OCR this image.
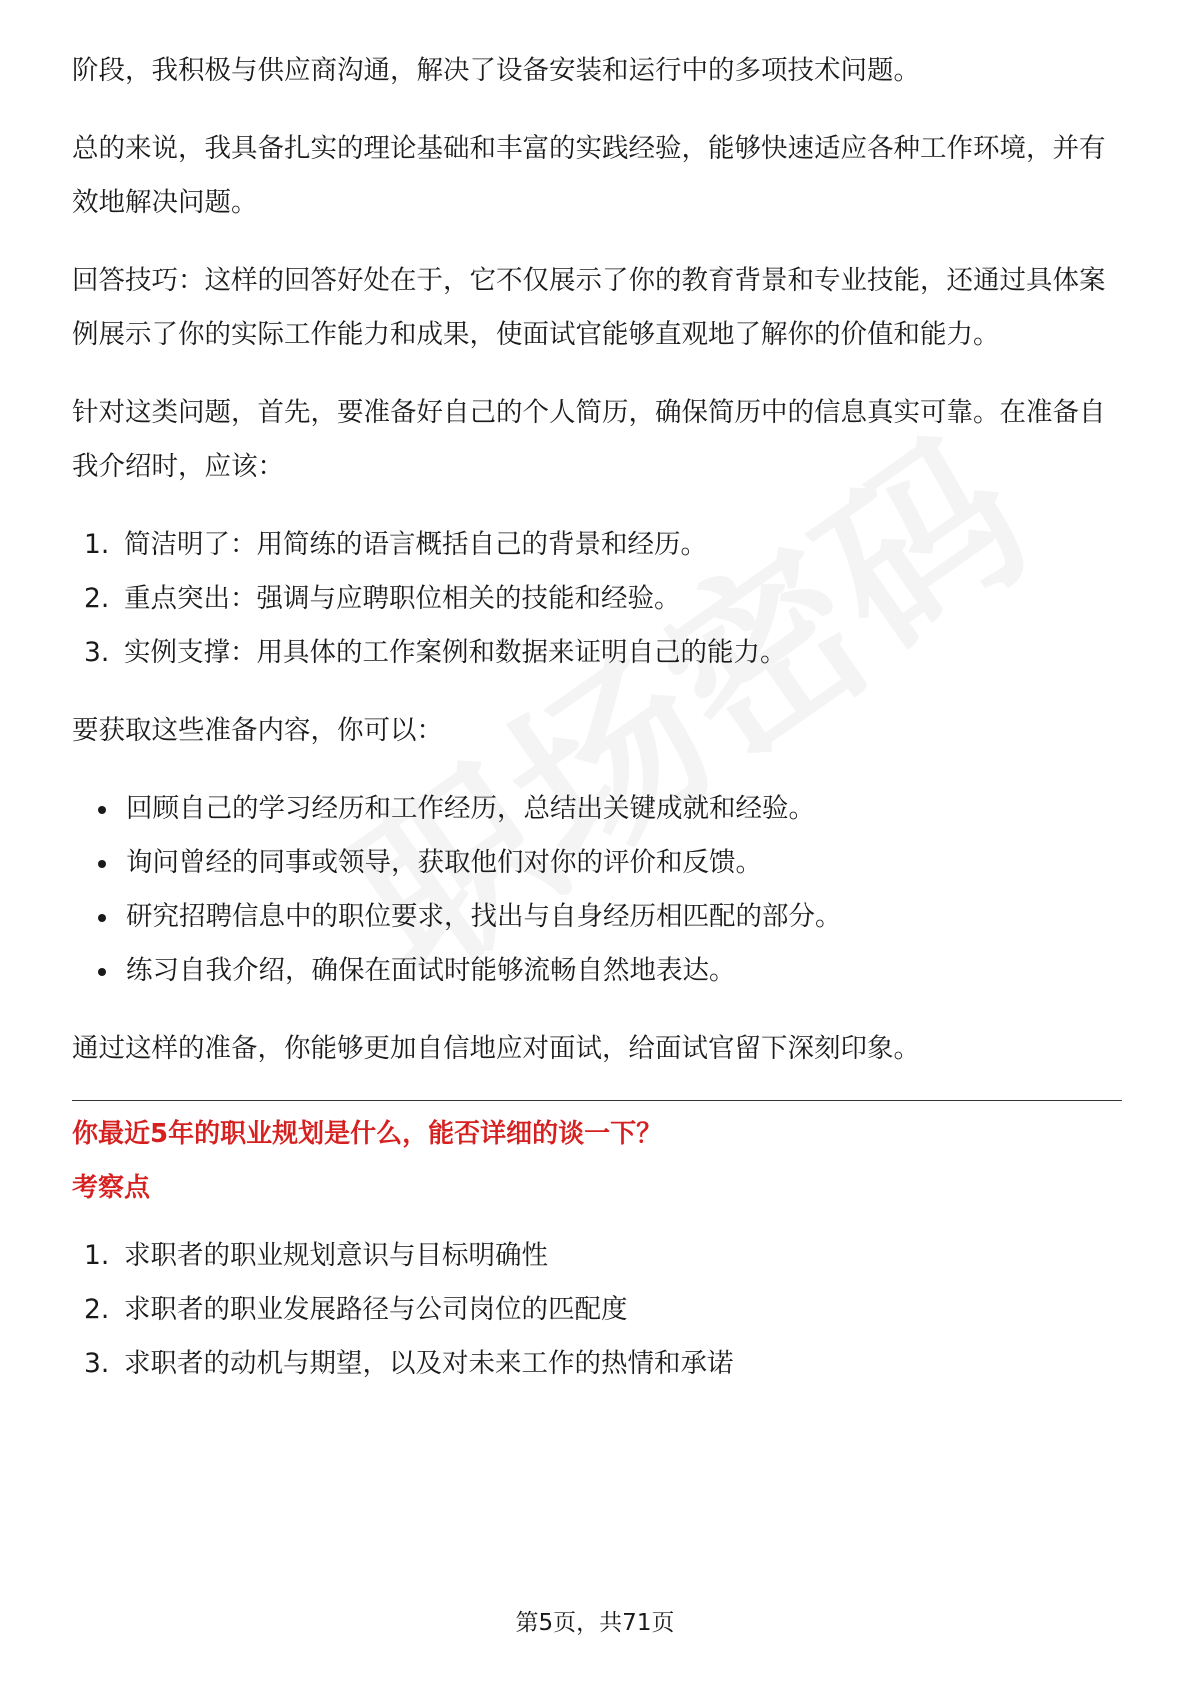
阶段，我积极与供应商沟通，解决了设备安装和运行中的多项技术问题。

总的来说，我具备扎实的理论基础和丰富的实践经验，能够快速适应各种工作环境，并有效地解决问题。

回答技巧：这样的回答好处在于，它不仅展示了你的教育背景和专业技能，还通过具体案例展示了你的实际工作能力和成果，使面试官能够直观地了解你的价值和能力。

针对这类问题，首先，要准备好自己的个人简历，确保简历中的信息真实可靠。在准备自我介绍时，应该：

1. 简洁明了：用简练的语言概括自己的背景和经历。
2. 重点突出：强调与应聘职位相关的技能和经验。
3. 实例支撑：用具体的工作案例和数据来证明自己的能力。

要获取这些准备内容，你可以：

回顾自己的学习经历和工作经历，总结出关键成就和经验。
询问曾经的同事或领导，获取他们对你的评价和反馈。
研究招聘信息中的职位要求，找出与自身经历相匹配的部分。
练习自我介绍，确保在面试时能够流畅自然地表达。

通过这样的准备，你能够更加自信地应对面试，给面试官留下深刻印象。

你最近5年的职业规划是什么，能否详细的谈一下？

考察点

1. 求职者的职业规划意识与目标明确性
2. 求职者的职业发展路径与公司岗位的匹配度
3. 求职者的动机与期望，以及对未来工作的热情和承诺
第5页，共71页
